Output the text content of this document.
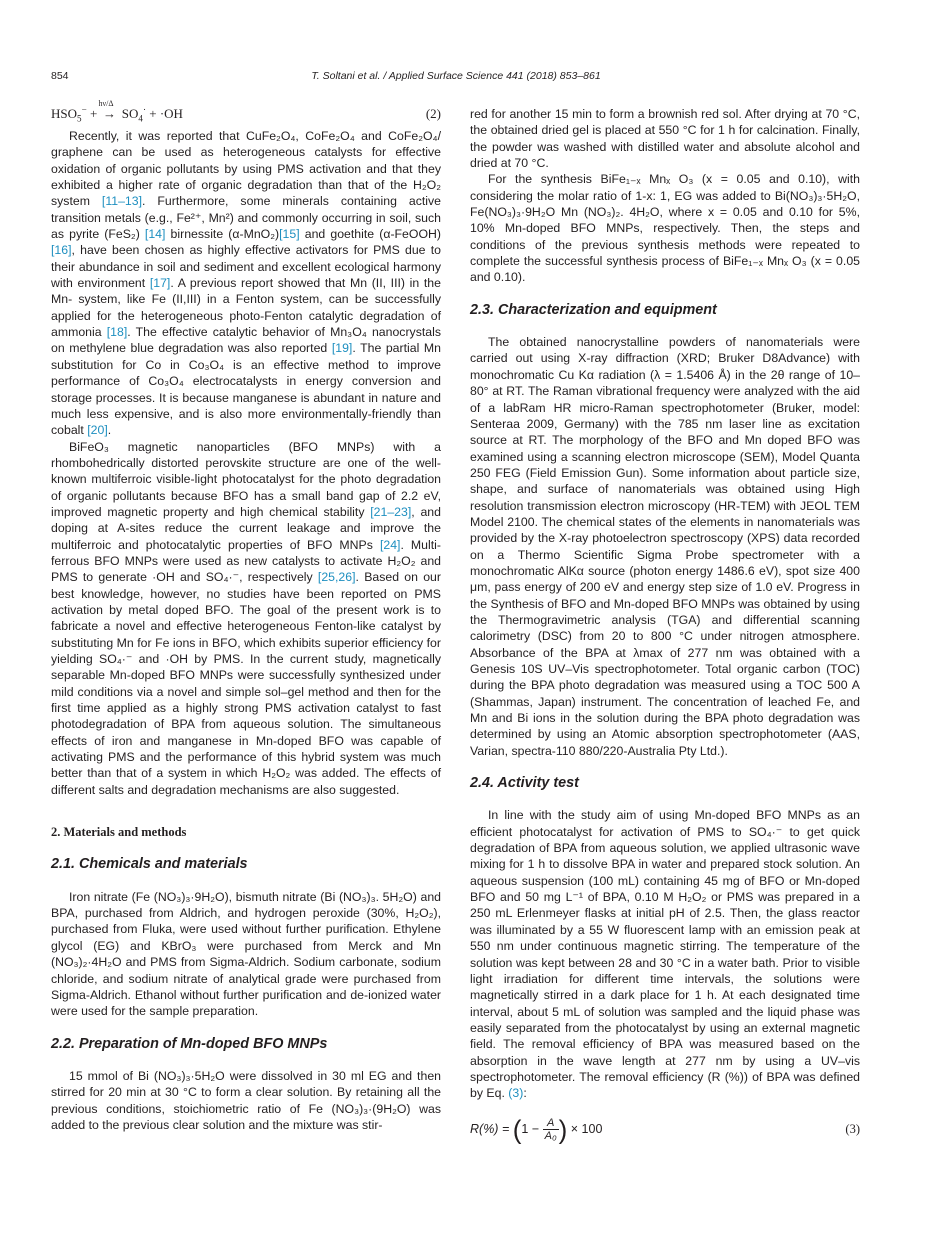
854	T. Soltani et al. / Applied Surface Science 441 (2018) 853–861
$HSO_5^-$ +
hν/Δ
→ $SO_4^\cdot + \cdot OH$	(2)

Recently, it was reported that CuFe₂O₄, CoFe₂O₄ and CoFe₂O₄/ graphene can be used as heterogeneous catalysts for effective oxidation of organic pollutants by using PMS activation and that they exhibited a higher rate of organic degradation than that of the H₂O₂ system [11–13]. Furthermore, some minerals containing active transition metals (e.g., Fe²⁺, Mn²) and commonly occurring in soil, such as pyrite (FeS₂) [14] birnessite (α-MnO₂)[15] and goethite (α-FeOOH) [16], have been chosen as highly effective activators for PMS due to their abundance in soil and sediment and excellent ecological harmony with environment [17]. A previous report showed that Mn (II, III) in the Mn- system, like Fe (II,III) in a Fenton system, can be successfully applied for the heterogeneous photo-Fenton catalytic degradation of ammonia [18]. The effective catalytic behavior of Mn₃O₄ nanocrystals on methylene blue degradation was also reported [19]. The partial Mn substitution for Co in Co₃O₄ is an effective method to improve performance of Co₃O₄ electrocatalysts in energy conversion and storage processes. It is because manganese is abundant in nature and much less expensive, and is also more environmentally-friendly than cobalt [20].

BiFeO₃ magnetic nanoparticles (BFO MNPs) with a rhombohedrically distorted perovskite structure are one of the well-known multiferroic visible-light photocatalyst for the photo degradation of organic pollutants because BFO has a small band gap of 2.2 eV, improved magnetic property and high chemical stability [21–23], and doping at A-sites reduce the current leakage and improve the multiferroic and photocatalytic properties of BFO MNPs [24]. Multi-ferrous BFO MNPs were used as new catalysts to activate H₂O₂ and PMS to generate ·OH and SO₄·⁻, respectively [25,26]. Based on our best knowledge, however, no studies have been reported on PMS activation by metal doped BFO. The goal of the present work is to fabricate a novel and effective heterogeneous Fenton-like catalyst by substituting Mn for Fe ions in BFO, which exhibits superior efficiency for yielding SO₄·⁻ and ·OH by PMS. In the current study, magnetically separable Mn-doped BFO MNPs were successfully synthesized under mild conditions via a novel and simple sol–gel method and then for the first time applied as a highly strong PMS activation catalyst to fast photodegradation of BPA from aqueous solution. The simultaneous effects of iron and manganese in Mn-doped BFO was capable of activating PMS and the performance of this hybrid system was much better than that of a system in which H₂O₂ was added. The effects of different salts and degradation mechanisms are also suggested.

2. Materials and methods
2.1. Chemicals and materials

Iron nitrate (Fe (NO₃)₃·9H₂O), bismuth nitrate (Bi (NO₃)₃. 5H₂O) and BPA, purchased from Aldrich, and hydrogen peroxide (30%, H₂O₂), purchased from Fluka, were used without further purification. Ethylene glycol (EG) and KBrO₃ were purchased from Merck and Mn (NO₃)₂·4H₂O and PMS from Sigma-Aldrich. Sodium carbonate, sodium chloride, and sodium nitrate of analytical grade were purchased from Sigma-Aldrich. Ethanol without further purification and de-ionized water were used for the sample preparation.

2.2. Preparation of Mn-doped BFO MNPs

15 mmol of Bi (NO₃)₃·5H₂O were dissolved in 30 ml EG and then stirred for 20 min at 30 °C to form a clear solution. By retaining all the previous conditions, stoichiometric ratio of Fe (NO₃)₃·(9H₂O) was added to the previous clear solution and the mixture was stir-

red for another 15 min to form a brownish red sol. After drying at 70 °C, the obtained dried gel is placed at 550 °C for 1 h for calcination. Finally, the powder was washed with distilled water and absolute alcohol and dried at 70 °C.

For the synthesis BiFe₁₋ₓ Mnₓ O₃ (x = 0.05 and 0.10), with considering the molar ratio of 1-x: 1, EG was added to Bi(NO₃)₃·5H₂O, Fe(NO₃)₃·9H₂O Mn (NO₃)₂. 4H₂O, where x = 0.05 and 0.10 for 5%, 10% Mn-doped BFO MNPs, respectively. Then, the steps and conditions of the previous synthesis methods were repeated to complete the successful synthesis process of BiFe₁₋ₓ Mnₓ O₃ (x = 0.05 and 0.10).

2.3. Characterization and equipment

The obtained nanocrystalline powders of nanomaterials were carried out using X-ray diffraction (XRD; Bruker D8Advance) with monochromatic Cu Kα radiation (λ = 1.5406 Å) in the 2θ range of 10–80° at RT. The Raman vibrational frequency were analyzed with the aid of a labRam HR micro-Raman spectrophotometer (Bruker, model: Senteraa 2009, Germany) with the 785 nm laser line as excitation source at RT. The morphology of the BFO and Mn doped BFO was examined using a scanning electron microscope (SEM), Model Quanta 250 FEG (Field Emission Gun). Some information about particle size, shape, and surface of nanomaterials was obtained using High resolution transmission electron microscopy (HR-TEM) with JEOL TEM Model 2100. The chemical states of the elements in nanomaterials was provided by the X-ray photoelectron spectroscopy (XPS) data recorded on a Thermo Scientific Sigma Probe spectrometer with a monochromatic AlKα source (photon energy 1486.6 eV), spot size 400 μm, pass energy of 200 eV and energy step size of 1.0 eV. Progress in the Synthesis of BFO and Mn-doped BFO MNPs was obtained by using the Thermogravimetric analysis (TGA) and differential scanning calorimetry (DSC) from 20 to 800 °C under nitrogen atmosphere. Absorbance of the BPA at λmax of 277 nm was obtained with a Genesis 10S UV–Vis spectrophotometer. Total organic carbon (TOC) during the BPA photo degradation was measured using a TOC 500 A (Shammas, Japan) instrument. The concentration of leached Fe, and Mn and Bi ions in the solution during the BPA photo degradation was determined by using an Atomic absorption spectrophotometer (AAS, Varian, spectra-110 880/220-Australia Pty Ltd.).

2.4. Activity test

In line with the study aim of using Mn-doped BFO MNPs as an efficient photocatalyst for activation of PMS to SO₄·⁻ to get quick degradation of BPA from aqueous solution, we applied ultrasonic wave mixing for 1 h to dissolve BPA in water and prepared stock solution. An aqueous suspension (100 mL) containing 45 mg of BFO or Mn-doped BFO and 50 mg L⁻¹ of BPA, 0.10 M H₂O₂ or PMS was prepared in a 250 mL Erlenmeyer flasks at initial pH of 2.5. Then, the glass reactor was illuminated by a 55 W fluorescent lamp with an emission peak at 550 nm under continuous magnetic stirring. The temperature of the solution was kept between 28 and 30 °C in a water bath. Prior to visible light irradiation for different time intervals, the solutions were magnetically stirred in a dark place for 1 h. At each designated time interval, about 5 mL of solution was sampled and the liquid phase was easily separated from the photocatalyst by using an external magnetic field. The removal efficiency of BPA was measured based on the absorption in the wave length at 277 nm by using a UV–vis spectrophotometer. The removal efficiency (R (%)) of BPA was defined by Eq. (3):

$R(\%) = (1 - \frac{A}{\text{A₀}}$ ) × 100	(3)
